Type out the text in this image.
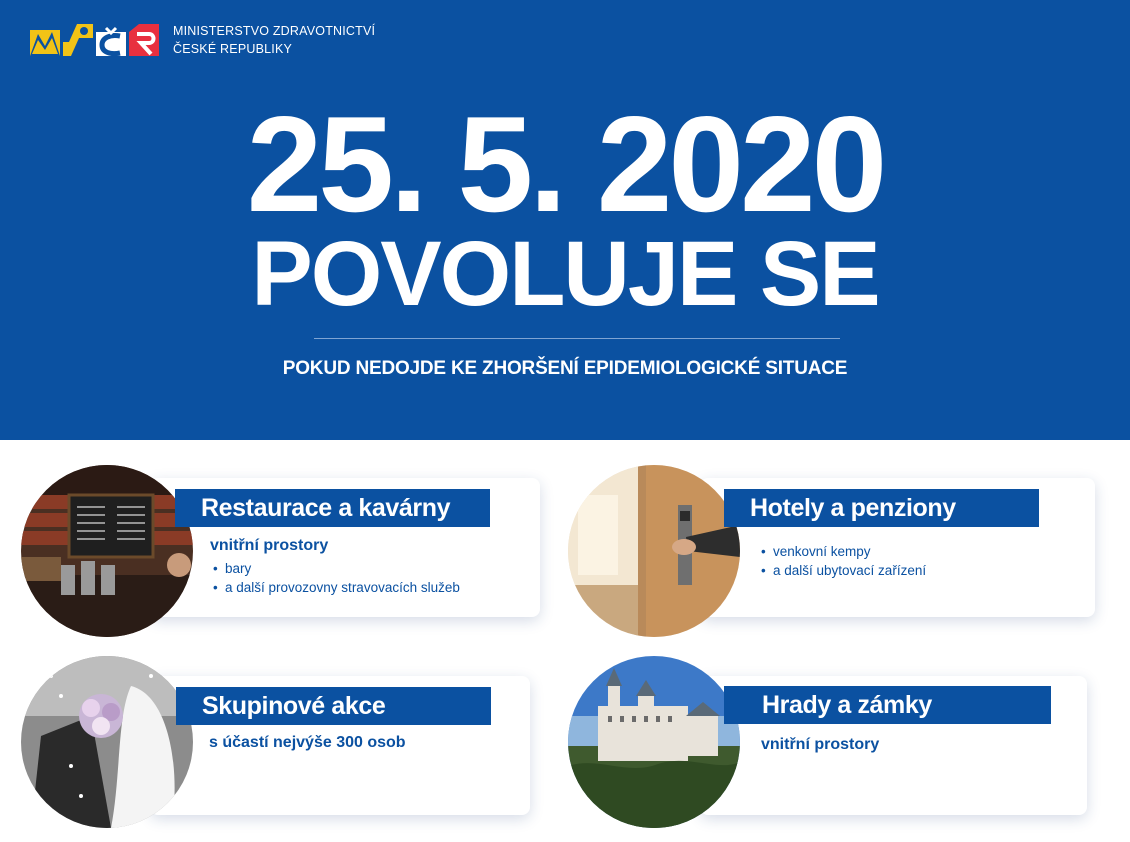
MINISTERSTVO ZDRAVOTNICTVÍ
ČESKÉ REPUBLIKY
25. 5. 2020
POVOLUJE SE
POKUD NEDOJDE KE ZHORŠENÍ EPIDEMIOLOGICKÉ SITUACE
Restaurace a kavárny
vnitřní prostory
• bary
• a další provozovny stravovacích služeb
Hotely a penziony
• venkovní kempy
• a další ubytovací zařízení
Skupinové akce
s účastí nejvýše 300 osob
Hrady a zámky
vnitřní prostory
